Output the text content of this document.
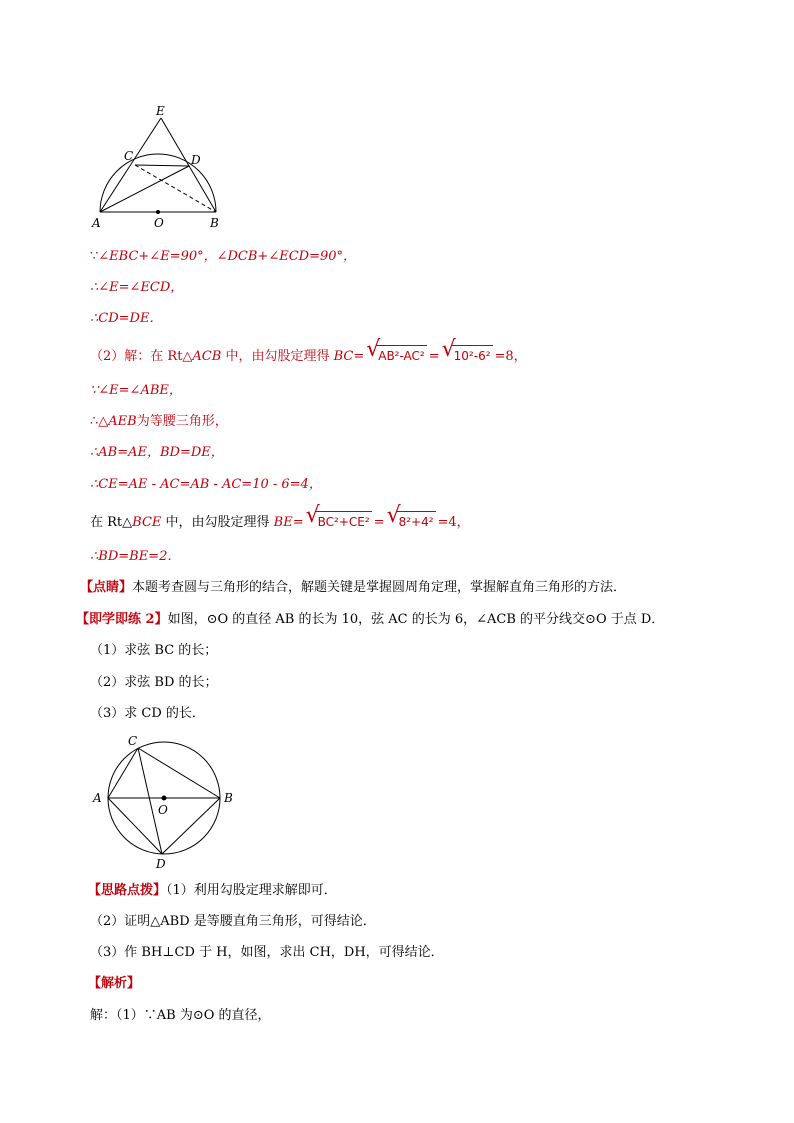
E
C	D
A	O	B
∵∠EBC+∠E=90°，∠DCB+∠ECD=90°，
∴∠E=∠ECD，
∴CD=DE．
（2）解：在 Rt△ACB 中，由勾股定理得 BC= √
AB²-AC² = √
10²-6² =8，
∵∠E=∠ABE，
∴△AEB为等腰三角形，
∴AB=AE，BD=DE，
∴CE=AE - AC=AB - AC=10 - 6=4，
在 Rt△BCE 中，由勾股定理得 BE= √
BC²+CE² = √
8²+4² =4，
∴BD=BE=2．
【点睛】本题考查圆与三角形的结合，解题关键是掌握圆周角定理，掌握解直角三角形的方法．
【即学即练 2】如图，⊙O 的直径 AB 的长为 10，弦 AC 的长为 6，∠ACB 的平分线交⊙O 于点 D．
（1）求弦 BC 的长；
（2）求弦 BD 的长；
（3）求 CD 的长．
C
A
O
B
D
【思路点拨】（1）利用勾股定理求解即可．
（2）证明△ABD 是等腰直角三角形，可得结论．
（3）作 BH⊥CD 于 H，如图，求出 CH，DH，可得结论．
【解析】
解：（1）∵AB 为⊙O 的直径，
